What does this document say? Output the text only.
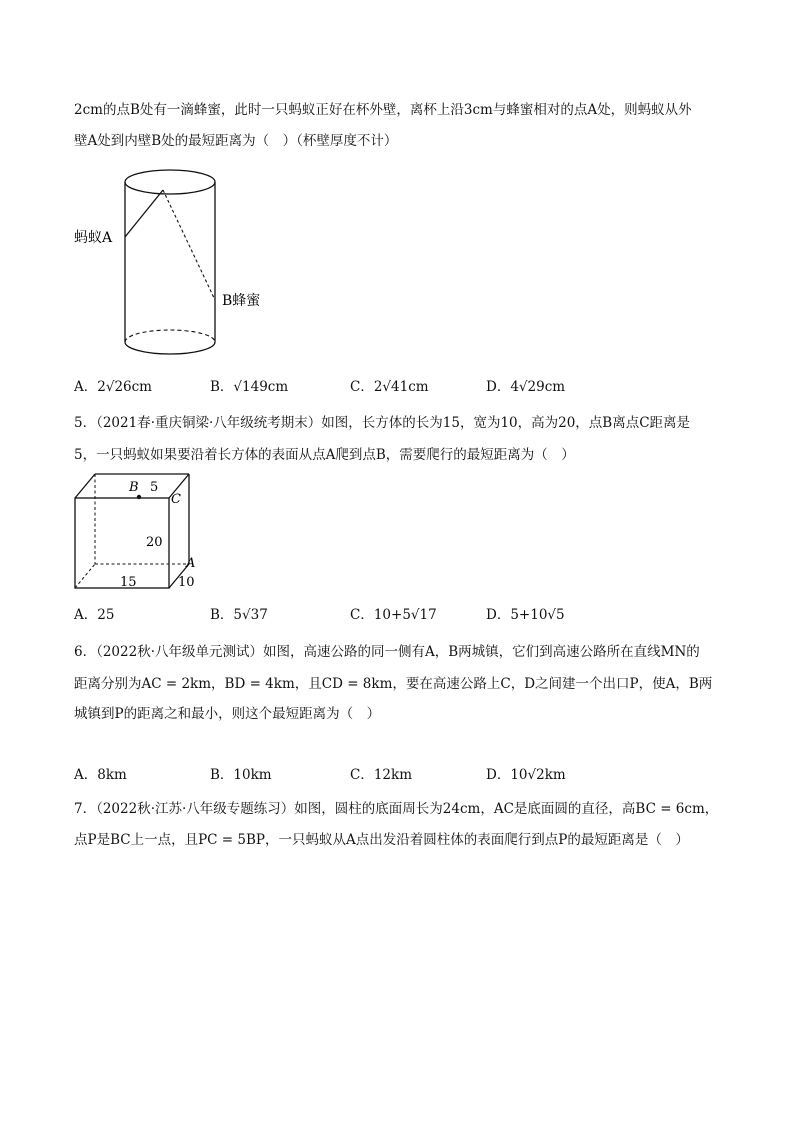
2cm的点B处有一滴蜂蜜，此时一只蚂蚁正好在杯外壁，离杯上沿3cm与蜂蜜相对的点A处，则蚂蚁从外
壁A处到内壁B处的最短距离为（　）（杯壁厚度不计）
蚂蚁A
B蜂蜜
A．2√26cm	B．√149cm	C．2√41cm	D．4√29cm
5．（2021春·重庆铜梁·八年级统考期末）如图，长方体的长为15，宽为10，高为20，点B离点C距离是
5，一只蚂蚁如果要沿着长方体的表面从点A爬到点B，需要爬行的最短距离为（　）
B 5
C
20
A
15	10
A．25	B．5√37	C．10+5√17	D．5+10√5
6．（2022秋·八年级单元测试）如图，高速公路的同一侧有A，B两城镇，它们到高速公路所在直线MN的
距离分别为AC = 2km，BD = 4km，且CD = 8km，要在高速公路上C，D之间建一个出口P，使A，B两
城镇到P的距离之和最小，则这个最短距离为（　）
A．8km	B．10km	C．12km	D．10√2km
7．（2022秋·江苏·八年级专题练习）如图，圆柱的底面周长为24cm，AC是底面圆的直径，高BC = 6cm，
点P是BC上一点，且PC = 5BP，一只蚂蚁从A点出发沿着圆柱体的表面爬行到点P的最短距离是（　）
